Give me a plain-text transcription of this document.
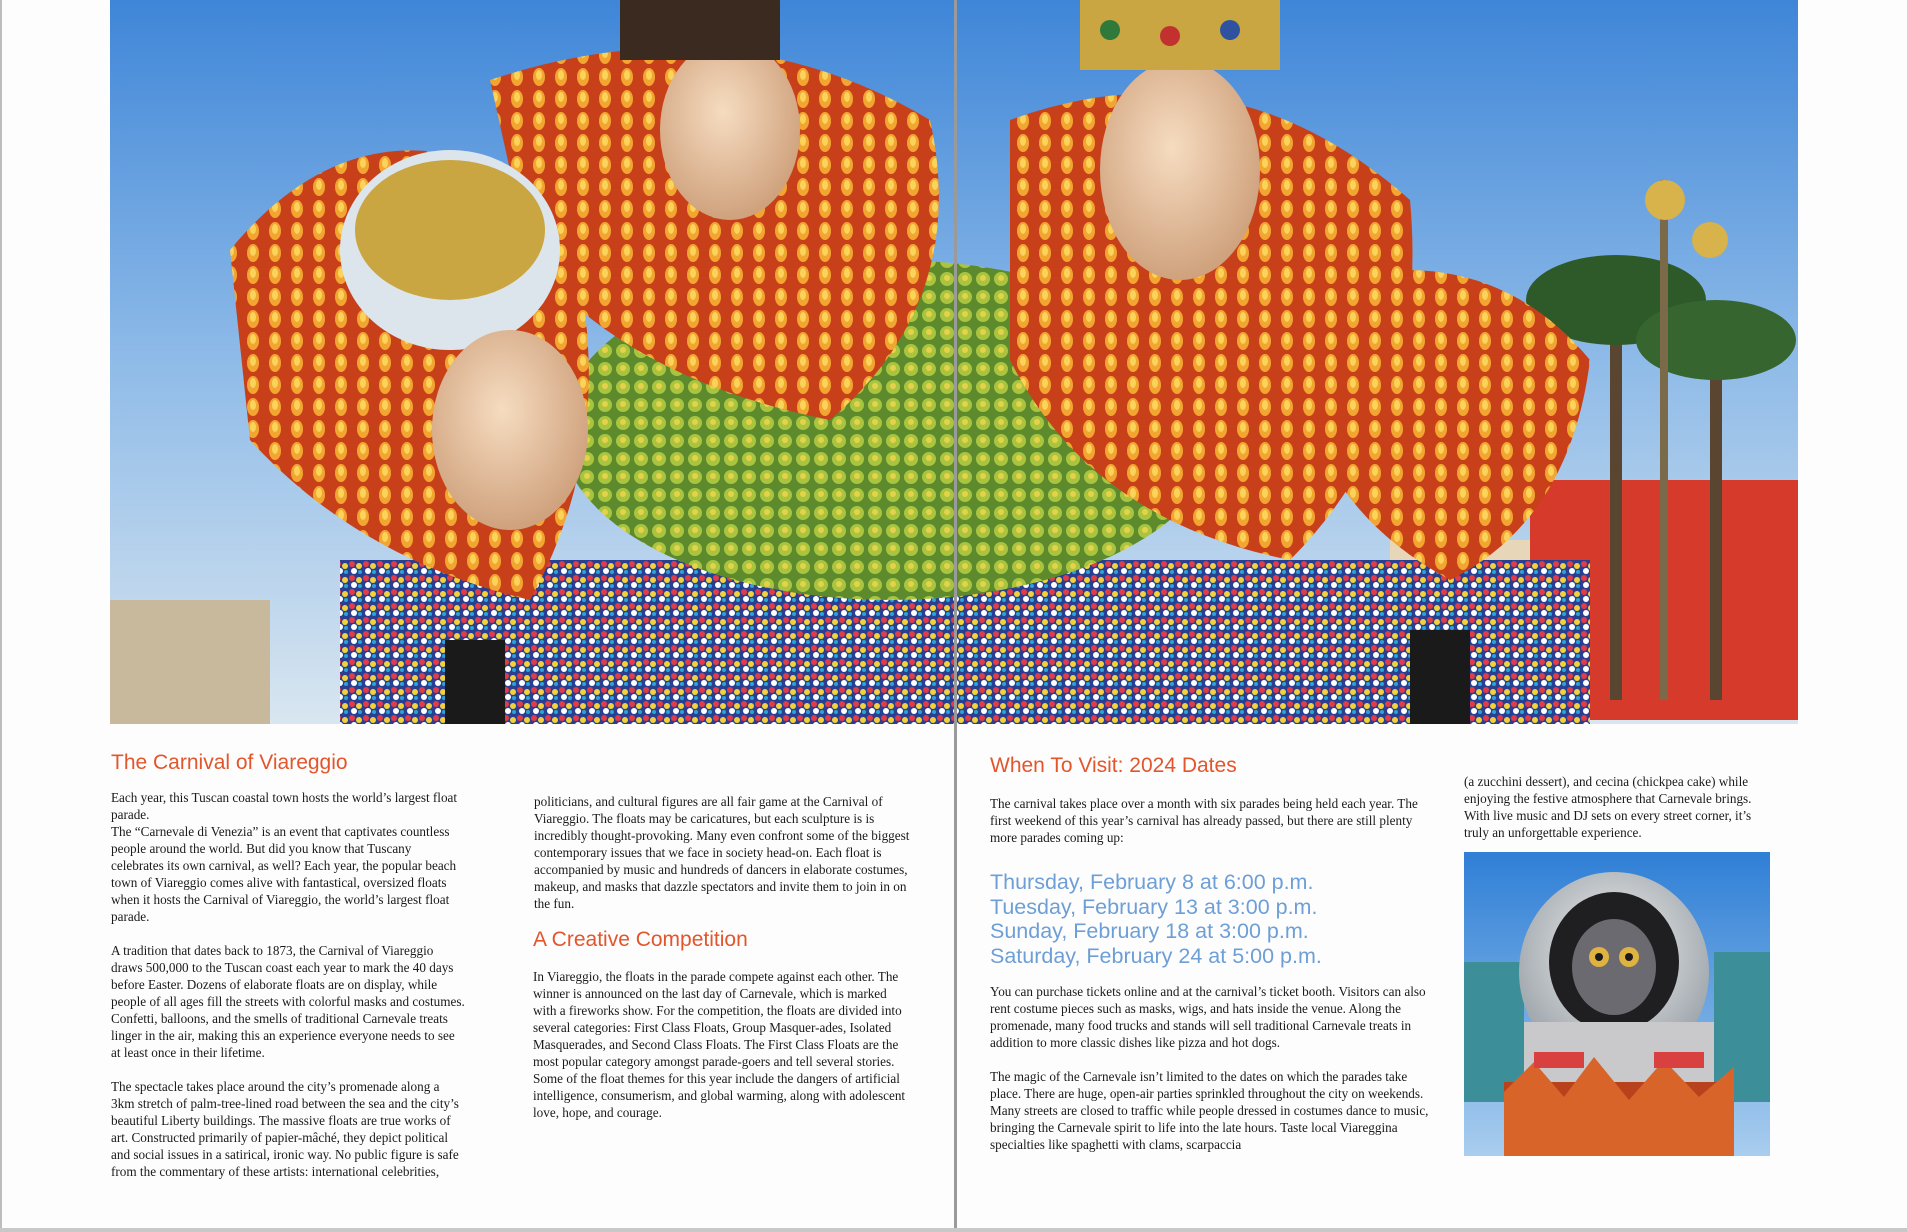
The Carnival of Viareggio

Each year, this Tuscan coastal town hosts the world’s largest float parade.

The “Carnevale di Venezia” is an event that captivates countless people around the world. But did you know that Tuscany celebrates its own carnival, as well? Each year, the popular beach town of Viareggio comes alive with fantastical, oversized floats when it hosts the Carnival of Viareggio, the world’s largest float parade.

A tradition that dates back to 1873, the Carnival of Viareggio draws 500,000 to the Tuscan coast each year to mark the 40 days before Easter. Dozens of elaborate floats are on display, while people of all ages fill the streets with colorful masks and costumes. Confetti, balloons, and the smells of traditional Carnevale treats linger in the air, making this an experience everyone needs to see at least once in their lifetime.

The spectacle takes place around the city’s promenade along a 3km stretch of palm-tree-lined road between the sea and the city’s beautiful Liberty buildings. The massive floats are true works of art. Constructed primarily of papier-mâché, they depict political and social issues in a satirical, ironic way. No public figure is safe from the commentary of these artists: international celebrities,

politicians, and cultural figures are all fair game at the Carnival of Viareggio. The floats may be caricatures, but each sculpture is is incredibly thought-provoking. Many even confront some of the biggest contemporary issues that we face in society head-on. Each float is accompanied by music and hundreds of dancers in elaborate costumes, makeup, and masks that dazzle spectators and invite them to join in on the fun.

A Creative Competition

In Viareggio, the floats in the parade compete against each other. The winner is announced on the last day of Carnevale, which is marked with a fireworks show. For the competition, the floats are divided into several categories: First Class Floats, Group Masquer-ades, Isolated Masquerades, and Second Class Floats. The First Class Floats are the most popular category amongst parade-goers and tell several stories. Some of the float themes for this year include the dangers of artificial intelligence, consumerism, and global warming, along with adolescent love, hope, and courage.

When To Visit: 2024 Dates

The carnival takes place over a month with six parades being held each year. The first weekend of this year’s carnival has already passed, but there are still plenty more parades coming up:

Thursday, February 8 at 6:00 p.m.
Tuesday, February 13 at 3:00 p.m.
Sunday, February 18 at 3:00 p.m.
Saturday, February 24 at 5:00 p.m.

You can purchase tickets online and at the carnival’s ticket booth. Visitors can also rent costume pieces such as masks, wigs, and hats inside the venue. Along the promenade, many food trucks and stands will sell traditional Carnevale treats in addition to more classic dishes like pizza and hot dogs.

The magic of the Carnevale isn’t limited to the dates on which the parades take place. There are huge, open-air parties sprinkled throughout the city on weekends. Many streets are closed to traffic while people dressed in costumes dance to music, bringing the Carnevale spirit to life into the late hours. Taste local Viareggina specialties like spaghetti with clams, scarpaccia

(a zucchini dessert), and cecina (chickpea cake) while enjoying the festive atmosphere that Carnevale brings. With live music and DJ sets on every street corner, it’s truly an unforgettable experience.
